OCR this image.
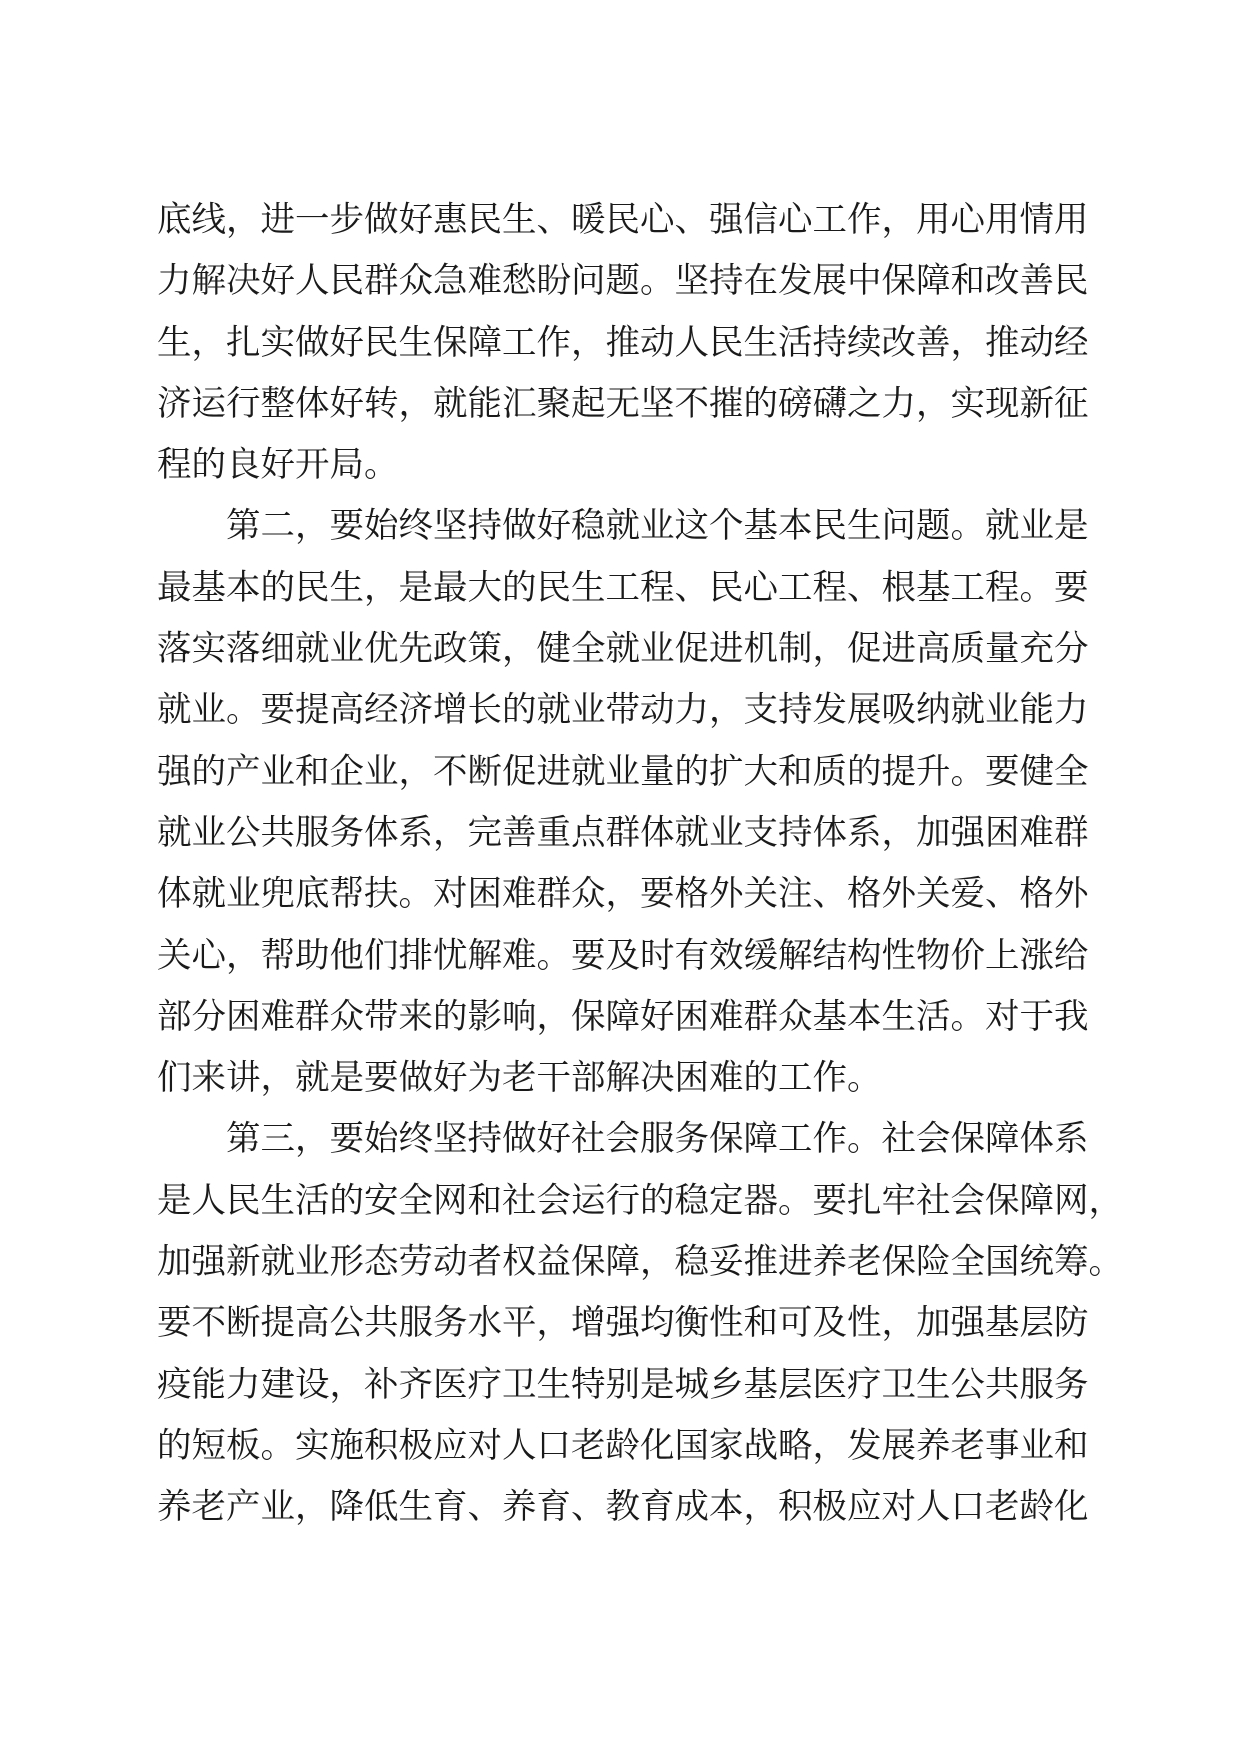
底线，进一步做好惠民生、暖民心、强信心工作，用心用情用
力解决好人民群众急难愁盼问题。坚持在发展中保障和改善民
生，扎实做好民生保障工作，推动人民生活持续改善，推动经
济运行整体好转，就能汇聚起无坚不摧的磅礴之力，实现新征
程的良好开局。
第二，要始终坚持做好稳就业这个基本民生问题。就业是
最基本的民生，是最大的民生工程、民心工程、根基工程。要
落实落细就业优先政策，健全就业促进机制，促进高质量充分
就业。要提高经济增长的就业带动力，支持发展吸纳就业能力
强的产业和企业，不断促进就业量的扩大和质的提升。要健全
就业公共服务体系，完善重点群体就业支持体系，加强困难群
体就业兜底帮扶。对困难群众，要格外关注、格外关爱、格外
关心，帮助他们排忧解难。要及时有效缓解结构性物价上涨给
部分困难群众带来的影响，保障好困难群众基本生活。对于我
们来讲，就是要做好为老干部解决困难的工作。
第三，要始终坚持做好社会服务保障工作。社会保障体系
是人民生活的安全网和社会运行的稳定器。要扎牢社会保障网，
加强新就业形态劳动者权益保障，稳妥推进养老保险全国统筹。
要不断提高公共服务水平，增强均衡性和可及性，加强基层防
疫能力建设，补齐医疗卫生特别是城乡基层医疗卫生公共服务
的短板。实施积极应对人口老龄化国家战略，发展养老事业和
养老产业，降低生育、养育、教育成本，积极应对人口老龄化
